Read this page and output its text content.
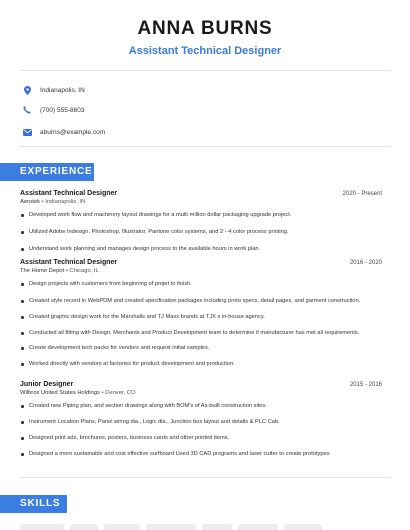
ANNA BURNS
Assistant Technical Designer
Indianapolis, IN
(700) 555-8603
aburns@example.com
EXPERIENCE
Assistant Technical Designer	2020 - Present
Aerotek • Indianapolis, IN
Developed work flow and machinery layout drawings for a multi million dollar packaging upgrade project.
Utilized Adobe Indesign, Photoshop, Illustrator, Pantone color systems, and 2 - 4 color process printing.
Understand work planning and manages design process to the available hours in work plan.
Assistant Technical Designer	2016 - 2020
The Home Depot • Chicago, IL
Design projects with customers from beginning of projet to finish.
Created style record in WebPDM and created specification packages including proto specs, detail pages, and garment construction.
Created graphic design work for the Marshalls and TJ Maxx brands at TJX s in-house agency.
Conducted all fitting with Design, Merchants and Product Development team to determine if manufacturer has met all requirements.
Create development tech packs for vendors and request initial samples.
Worked directly with vendors at factories for product development and production.
Junior Designer	2015 - 2016
Wilbros United States Holdings • Denver, CO
Created new Piping plan, and section drawings along with BOM's of As-built construction sites.
Instrument Location Plans, Panel wiring dia., Logic dia., Junction box layout and details & PLC Cab.
Designed print ads, brochures, posters, business cards and other printed items.
Designed a more sustainable and cost effective surfboard Used 3D CAD programs and laser cutter to create prototypes
SKILLS
